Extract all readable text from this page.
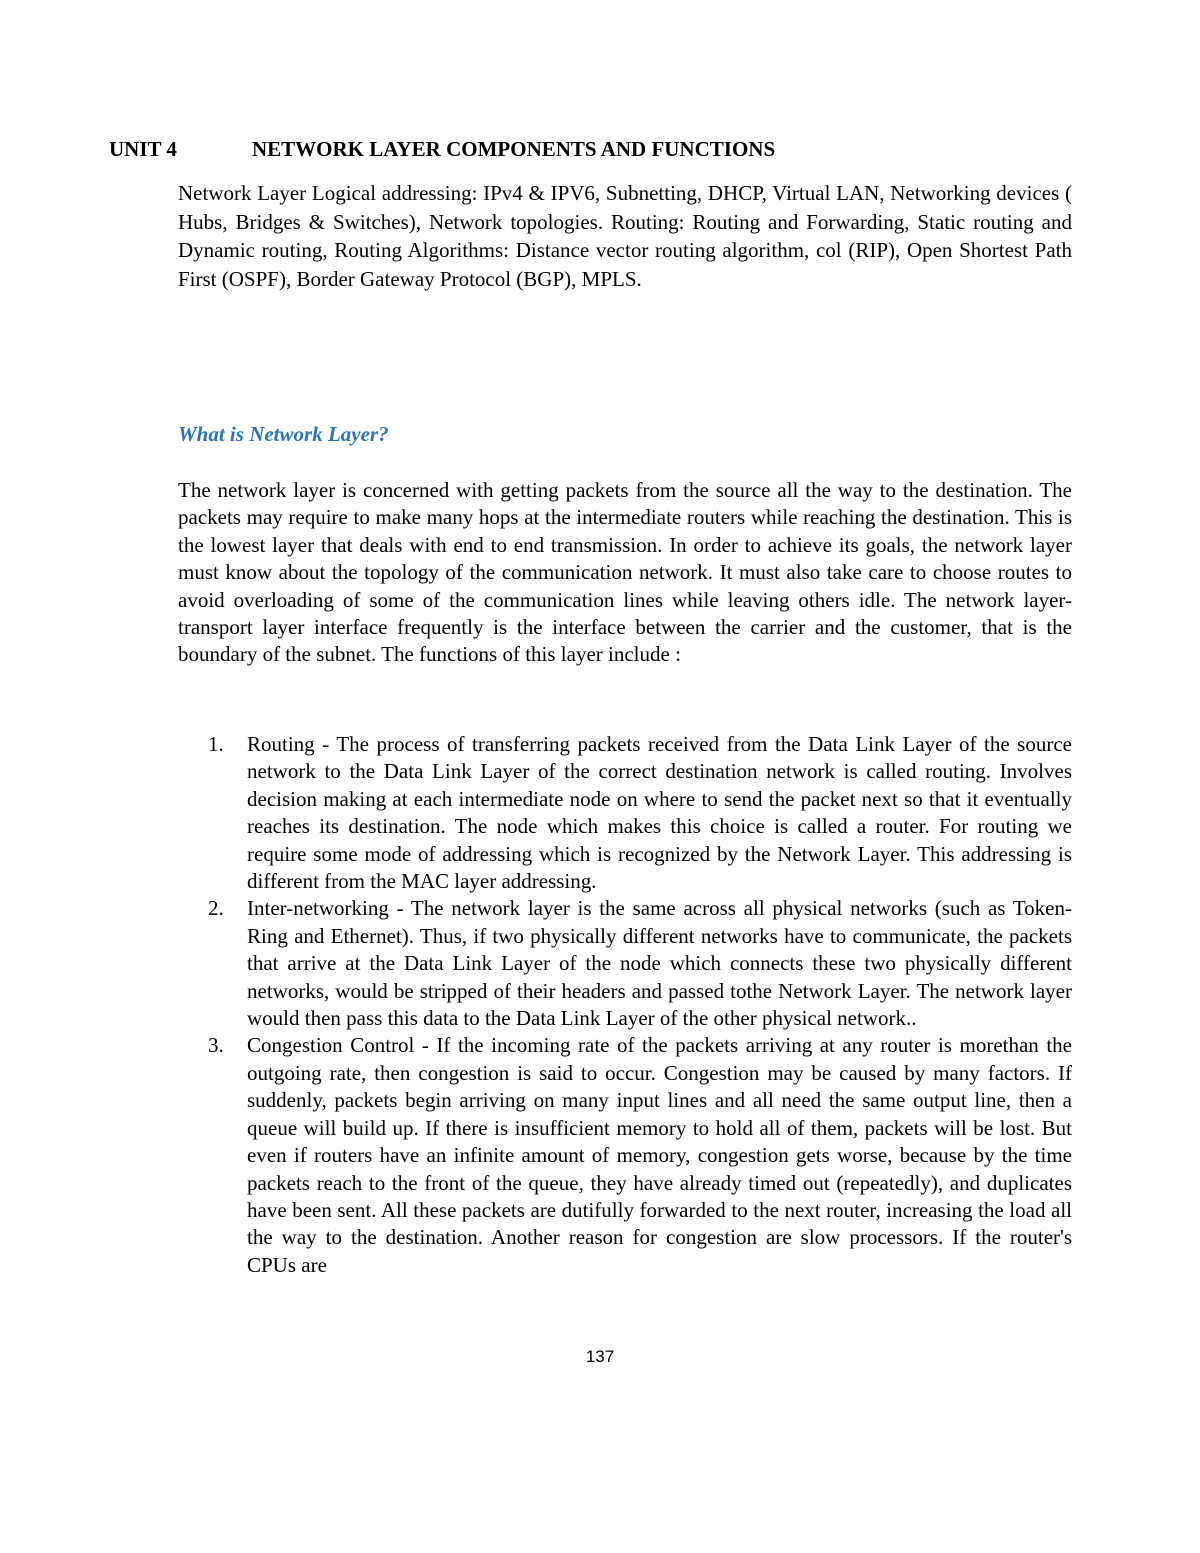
UNIT 4	NETWORK LAYER COMPONENTS AND FUNCTIONS

Network Layer Logical addressing: IPv4 & IPV6, Subnetting, DHCP, Virtual LAN, Networking devices ( Hubs, Bridges & Switches), Network topologies. Routing: Routing and Forwarding, Static routing and Dynamic routing, Routing Algorithms: Distance vector routing algorithm, col (RIP), Open Shortest Path First (OSPF), Border Gateway Protocol (BGP), MPLS.

What is Network Layer?

The network layer is concerned with getting packets from the source all the way to the destination. The packets may require to make many hops at the intermediate routers while reaching the destination. This is the lowest layer that deals with end to end transmission. In order to achieve its goals, the network layer must know about the topology of the communication network. It must also take care to choose routes to avoid overloading of some of the communication lines while leaving others idle. The network layer-transport layer interface frequently is the interface between the carrier and the customer, that is the boundary of the subnet. The functions of this layer include :

1. Routing - The process of transferring packets received from the Data Link Layer of the source network to the Data Link Layer of the correct destination network is called routing. Involves decision making at each intermediate node on where to send the packet next so that it eventually reaches its destination. The node which makes this choice is called a router. For routing we require some mode of addressing which is recognized by the Network Layer. This addressing is different from the MAC layer addressing.
2. Inter-networking - The network layer is the same across all physical networks (such as Token-Ring and Ethernet). Thus, if two physically different networks have to communicate, the packets that arrive at the Data Link Layer of the node which connects these two physically different networks, would be stripped of their headers and passed tothe Network Layer. The network layer would then pass this data to the Data Link Layer of the other physical network..
3. Congestion Control - If the incoming rate of the packets arriving at any router is morethan the outgoing rate, then congestion is said to occur. Congestion may be caused by many factors. If suddenly, packets begin arriving on many input lines and all need the same output line, then a queue will build up. If there is insufficient memory to hold all of them, packets will be lost. But even if routers have an infinite amount of memory, congestion gets worse, because by the time packets reach to the front of the queue, they have already timed out (repeatedly), and duplicates have been sent. All these packets are dutifully forwarded to the next router, increasing the load all the way to the destination. Another reason for congestion are slow processors. If the router's CPUs are
137
